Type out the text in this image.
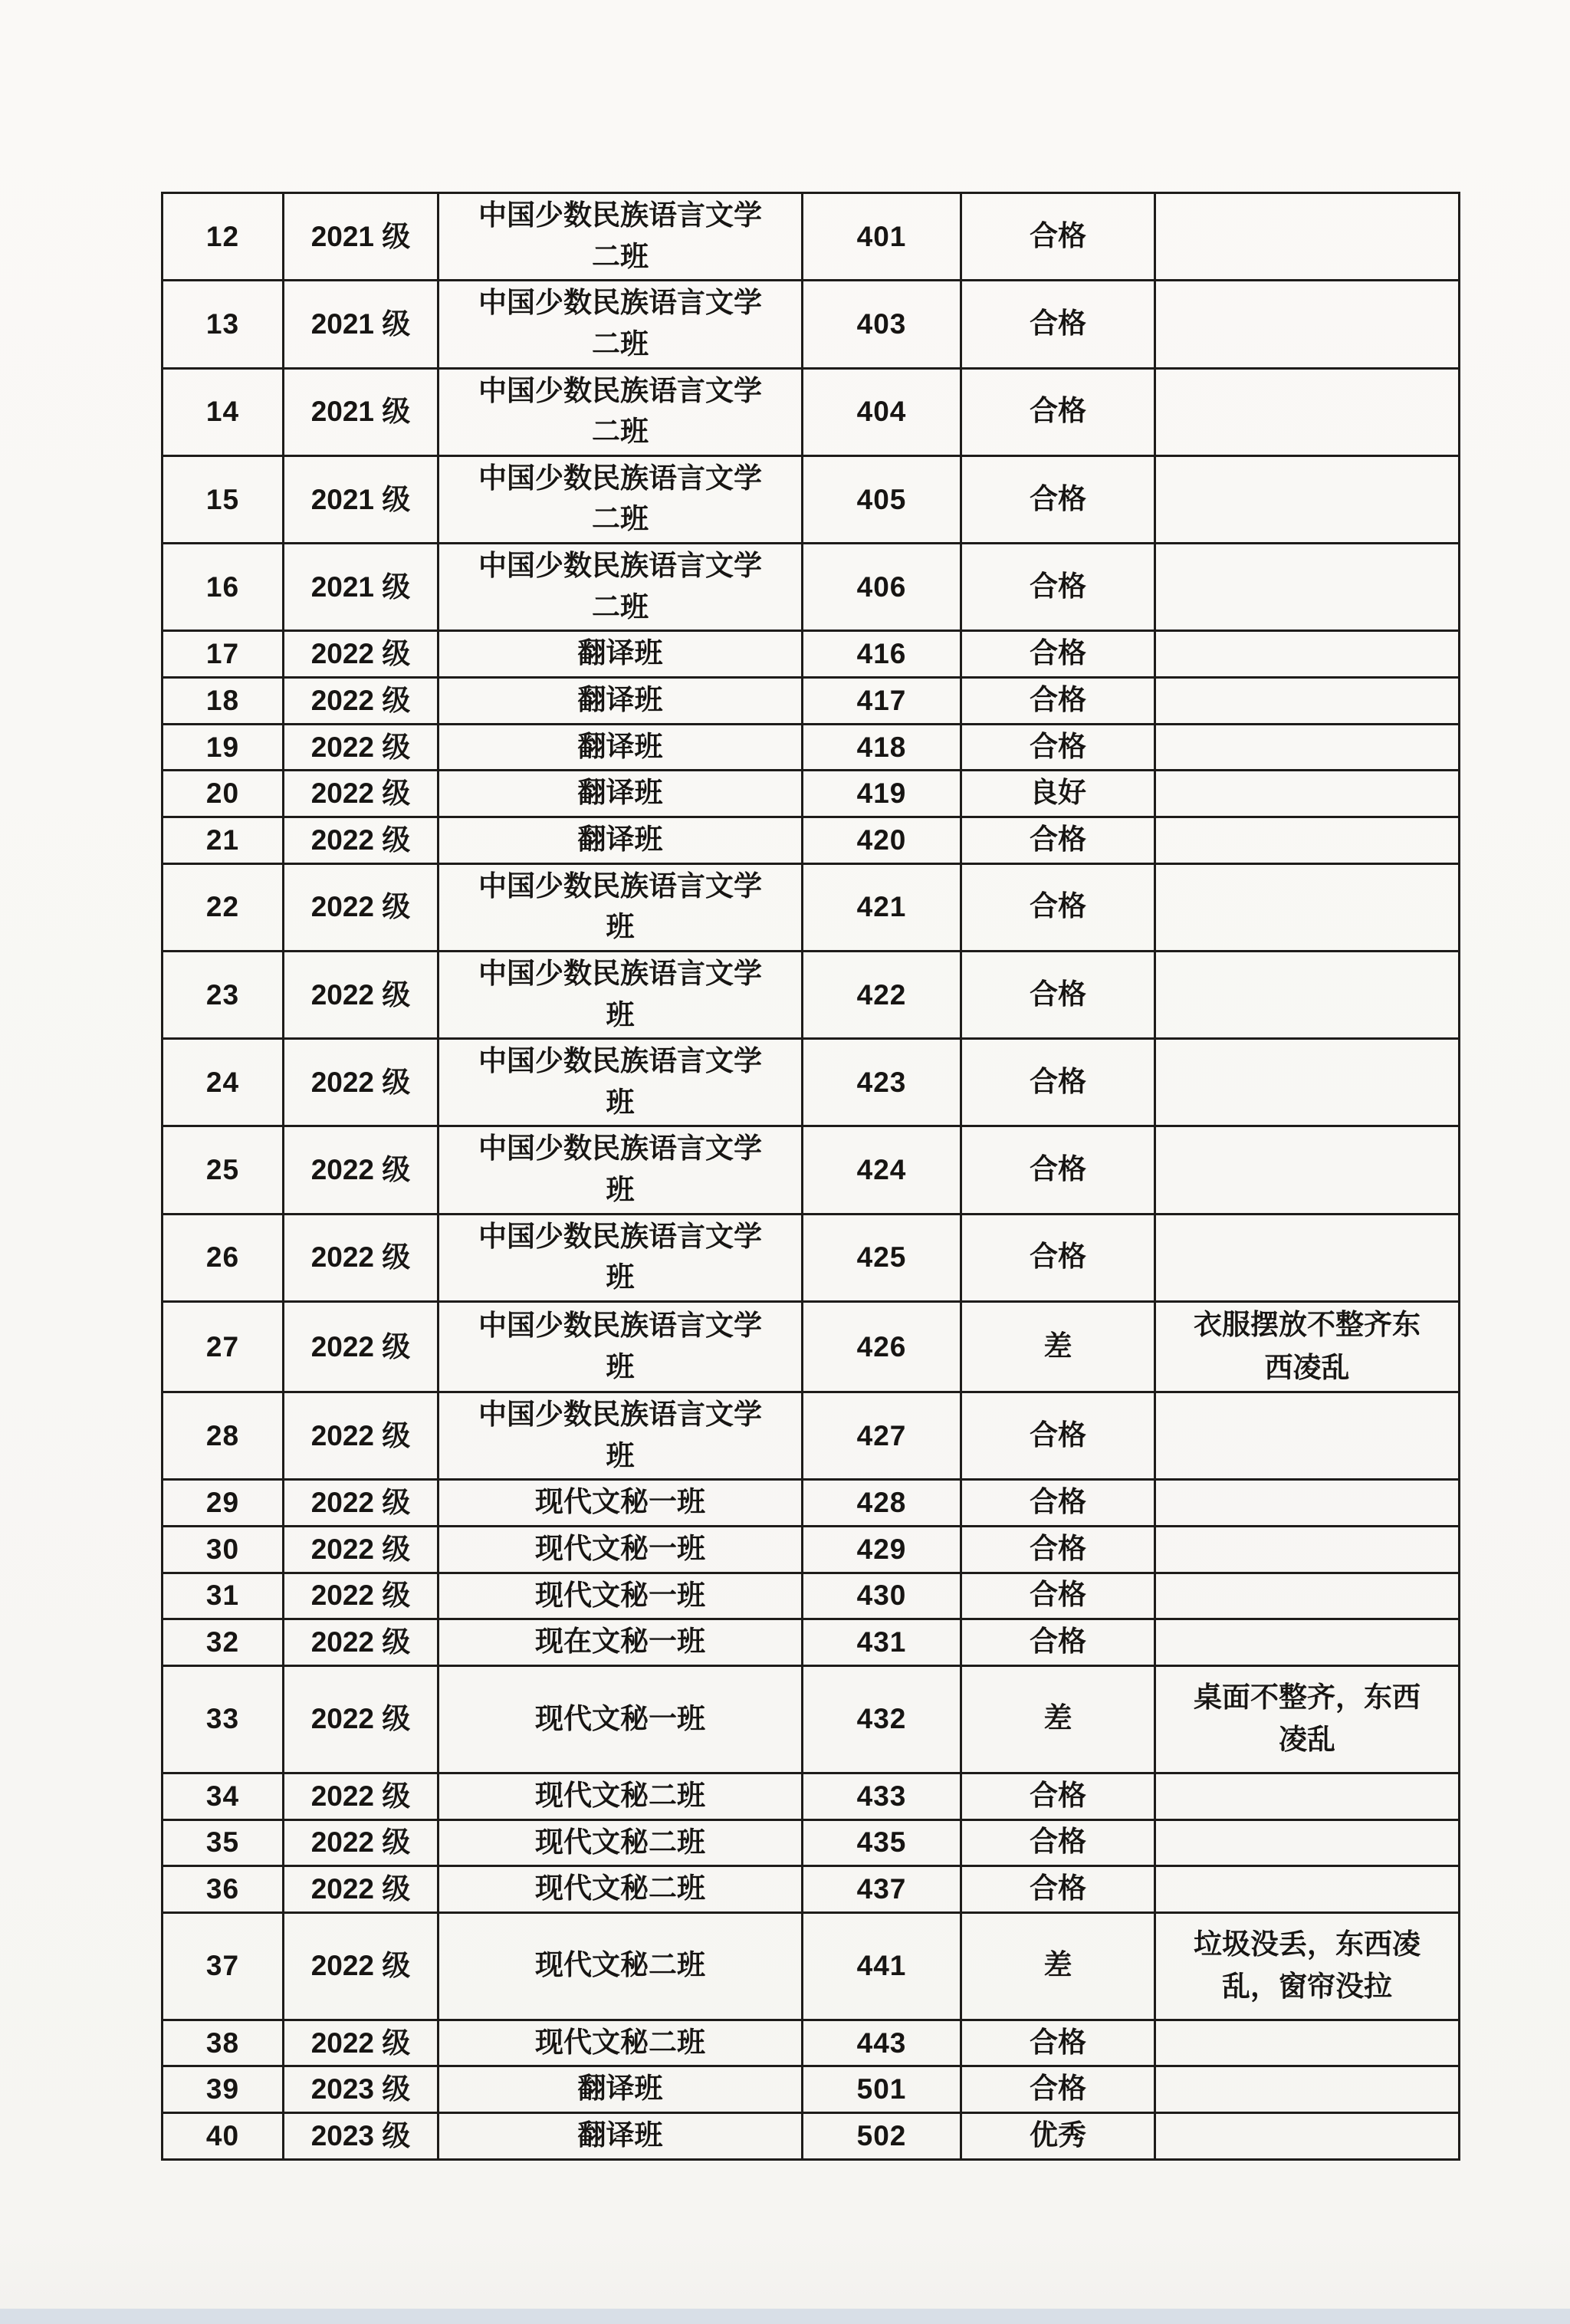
12	2021 级	中国少数民族语言文学二班	401	合格	
13	2021 级	中国少数民族语言文学二班	403	合格	
14	2021 级	中国少数民族语言文学二班	404	合格	
15	2021 级	中国少数民族语言文学二班	405	合格	
16	2021 级	中国少数民族语言文学二班	406	合格	
17	2022 级	翻译班	416	合格	
18	2022 级	翻译班	417	合格	
19	2022 级	翻译班	418	合格	
20	2022 级	翻译班	419	良好	
21	2022 级	翻译班	420	合格	
22	2022 级	中国少数民族语言文学班	421	合格	
23	2022 级	中国少数民族语言文学班	422	合格	
24	2022 级	中国少数民族语言文学班	423	合格	
25	2022 级	中国少数民族语言文学班	424	合格	
26	2022 级	中国少数民族语言文学班	425	合格	
27	2022 级	中国少数民族语言文学班	426	差	衣服摆放不整齐东西凌乱
28	2022 级	中国少数民族语言文学班	427	合格	
29	2022 级	现代文秘一班	428	合格	
30	2022 级	现代文秘一班	429	合格	
31	2022 级	现代文秘一班	430	合格	
32	2022 级	现在文秘一班	431	合格	
33	2022 级	现代文秘一班	432	差	桌面不整齐，东西凌乱
34	2022 级	现代文秘二班	433	合格	
35	2022 级	现代文秘二班	435	合格	
36	2022 级	现代文秘二班	437	合格	
37	2022 级	现代文秘二班	441	差	垃圾没丢，东西凌乱，窗帘没拉
38	2022 级	现代文秘二班	443	合格	
39	2023 级	翻译班	501	合格	
40	2023 级	翻译班	502	优秀	
